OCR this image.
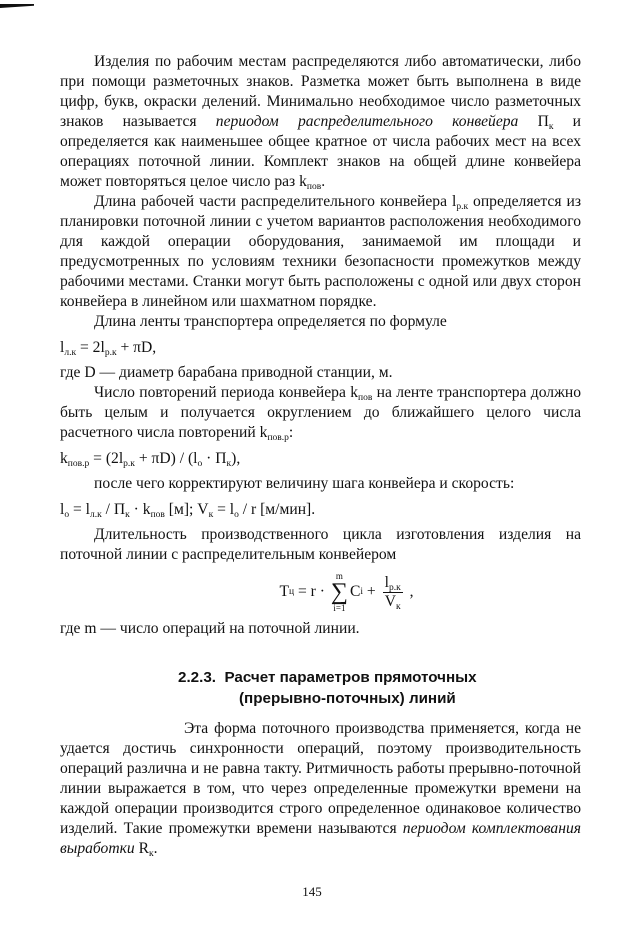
Изделия по рабочим местам распределяются либо автоматически, либо при помощи разметочных знаков. Разметка может быть выполнена в виде цифр, букв, окраски делений. Минимально необходимое число разметочных знаков называется периодом распределительного конвейера $П_к$ и определяется как наименьшее общее кратное от числа рабочих мест на всех операциях поточной линии. Комплект знаков на общей длине конвейера может повторяться целое число раз $k_{пов}$.

Длина рабочей части распределительного конвейера $l_{р.к}$ определяется из планировки поточной линии с учетом вариантов расположения необходимого для каждой операции оборудования, занимаемой им площади и предусмотренных по условиям техники безопасности промежутков между рабочими местами. Станки могут быть расположены с одной или двух сторон конвейера в линейном или шахматном порядке.

Длина ленты транспортера определяется по формуле

$l_{л.к} = 2l_{р.к} + \pi D$,

где D — диаметр барабана приводной станции, м.

Число повторений периода конвейера $k_{пов}$ на ленте транспортера должно быть целым и получается округлением до ближайшего целого числа расчетного числа повторений $k_{пов.р}$:

$k_{пов.р} = (2l_{р.к} + \pi D) / (l_о \cdot П_к)$,

после чего корректируют величину шага конвейера и скорость:

$l_о = l_{л.к} / П_к \cdot k_{пов}$ [м]; $V_к = l_о / r$ [м/мин].

Длительность производственного цикла изготовления изделия на поточной линии с распределительным конвейером

Т ц = r ·
m
∑
i=1
C $i + \frac{l_{р.к}}{V_к}$ ,

где m — число операций на поточной линии.

2.2.3. Расчет параметров прямоточных
(прерывно-поточных) линий

Эта форма поточного производства применяется, когда не удается достичь синхронности операций, поэтому производительность операций различна и не равна такту. Ритмичность работы прерывно-поточной линии выражается в том, что через определенные промежутки времени на каждой операции производится строго определенное одинаковое количество изделий. Такие промежутки времени называются периодом комплектования выработки $R_к$.

145
